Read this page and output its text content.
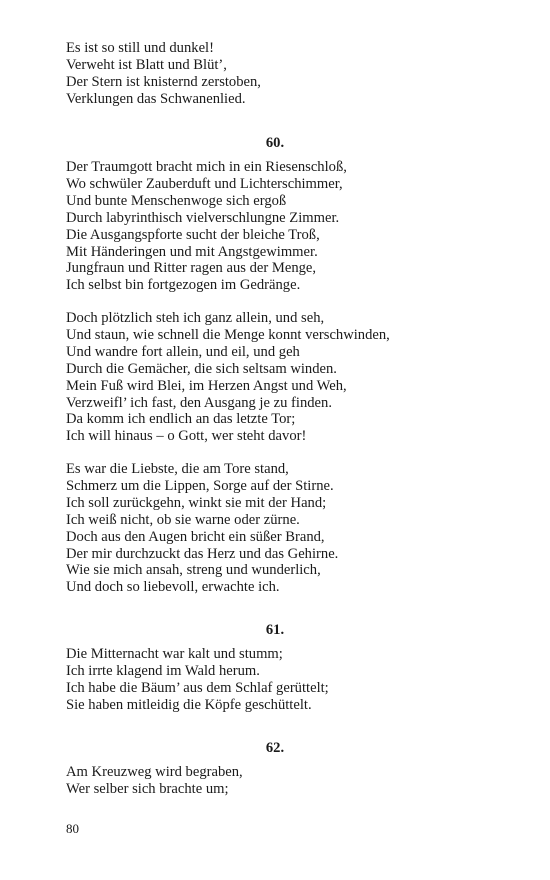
Es ist so still und dunkel!
Verweht ist Blatt und Blüt’,
Der Stern ist knisternd zerstoben,
Verklungen das Schwanenlied.
60.
Der Traumgott bracht mich in ein Riesenschloß,
Wo schwüler Zauberduft und Lichterschimmer,
Und bunte Menschenwoge sich ergoß
Durch labyrinthisch vielverschlungne Zimmer.
Die Ausgangspforte sucht der bleiche Troß,
Mit Händeringen und mit Angstgewimmer.
Jungfraun und Ritter ragen aus der Menge,
Ich selbst bin fortgezogen im Gedränge.
Doch plötzlich steh ich ganz allein, und seh,
Und staun, wie schnell die Menge konnt verschwinden,
Und wandre fort allein, und eil, und geh
Durch die Gemächer, die sich seltsam winden.
Mein Fuß wird Blei, im Herzen Angst und Weh,
Verzweifl’ ich fast, den Ausgang je zu finden.
Da komm ich endlich an das letzte Tor;
Ich will hinaus – o Gott, wer steht davor!
Es war die Liebste, die am Tore stand,
Schmerz um die Lippen, Sorge auf der Stirne.
Ich soll zurückgehn, winkt sie mit der Hand;
Ich weiß nicht, ob sie warne oder zürne.
Doch aus den Augen bricht ein süßer Brand,
Der mir durchzuckt das Herz und das Gehirne.
Wie sie mich ansah, streng und wunderlich,
Und doch so liebevoll, erwachte ich.
61.
Die Mitternacht war kalt und stumm;
Ich irrte klagend im Wald herum.
Ich habe die Bäum’ aus dem Schlaf gerüttelt;
Sie haben mitleidig die Köpfe geschüttelt.
62.
Am Kreuzweg wird begraben,
Wer selber sich brachte um;
80
